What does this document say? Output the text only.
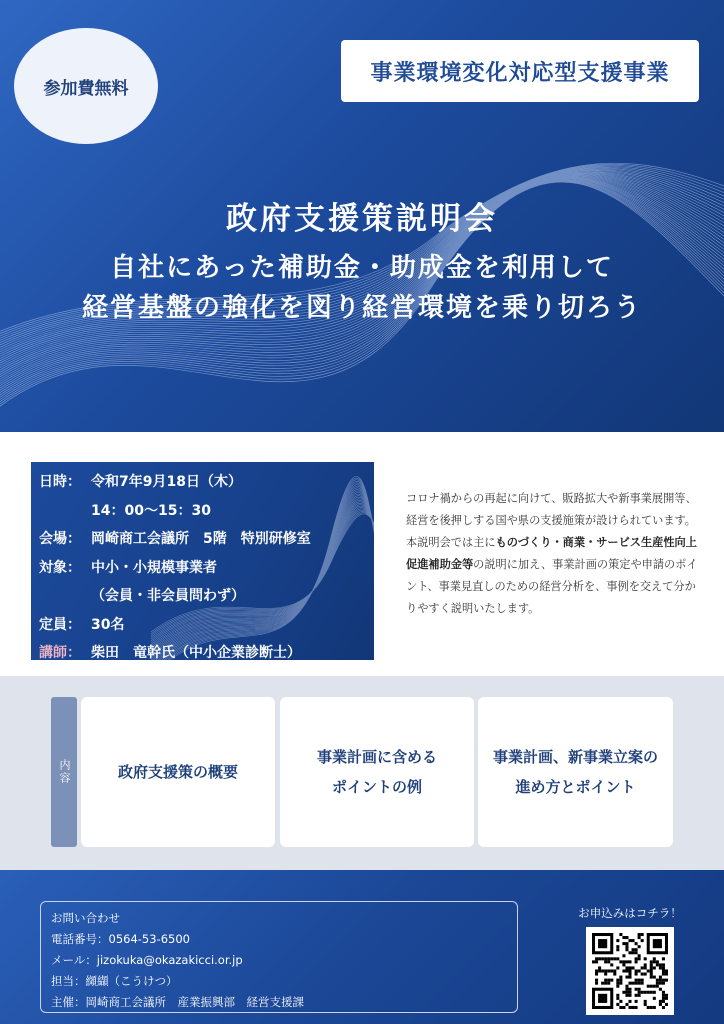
参加費無料
事業環境変化対応型支援事業
政府支援策説明会
自社にあった補助金・助成金を利用して
経営基盤の強化を図り経営環境を乗り切ろう
日時： 令和7年9月18日（木）
14：00〜15：30
会場： 岡崎商工会議所　5階　特別研修室
対象： 中小・小規模事業者
（会員・非会員問わず）
定員： 30名
講師： 柴田　竜幹氏（中小企業診断士）
コロナ禍からの再起に向けて、販路拡大や新事業展開等、経営を後押しする国や県の支援施策が設けられています。本説明会では主にものづくり・商業・サービス生産性向上促進補助金等の説明に加え、事業計画の策定や申請のポイント、事業見直しのための経営分析を、事例を交えて分かりやすく説明いたします。
内容	政府支援策の概要
事業計画に含める
ポイントの例
事業計画、新事業立案の
進め方とポイント
お問い合わせ
電話番号：0564-53-6500
メール：jizokuka@okazakicci.or.jp
担当：纐纈（こうけつ）
主催：岡崎商工会議所　産業振興部　経営支援課
お申込みはコチラ！
